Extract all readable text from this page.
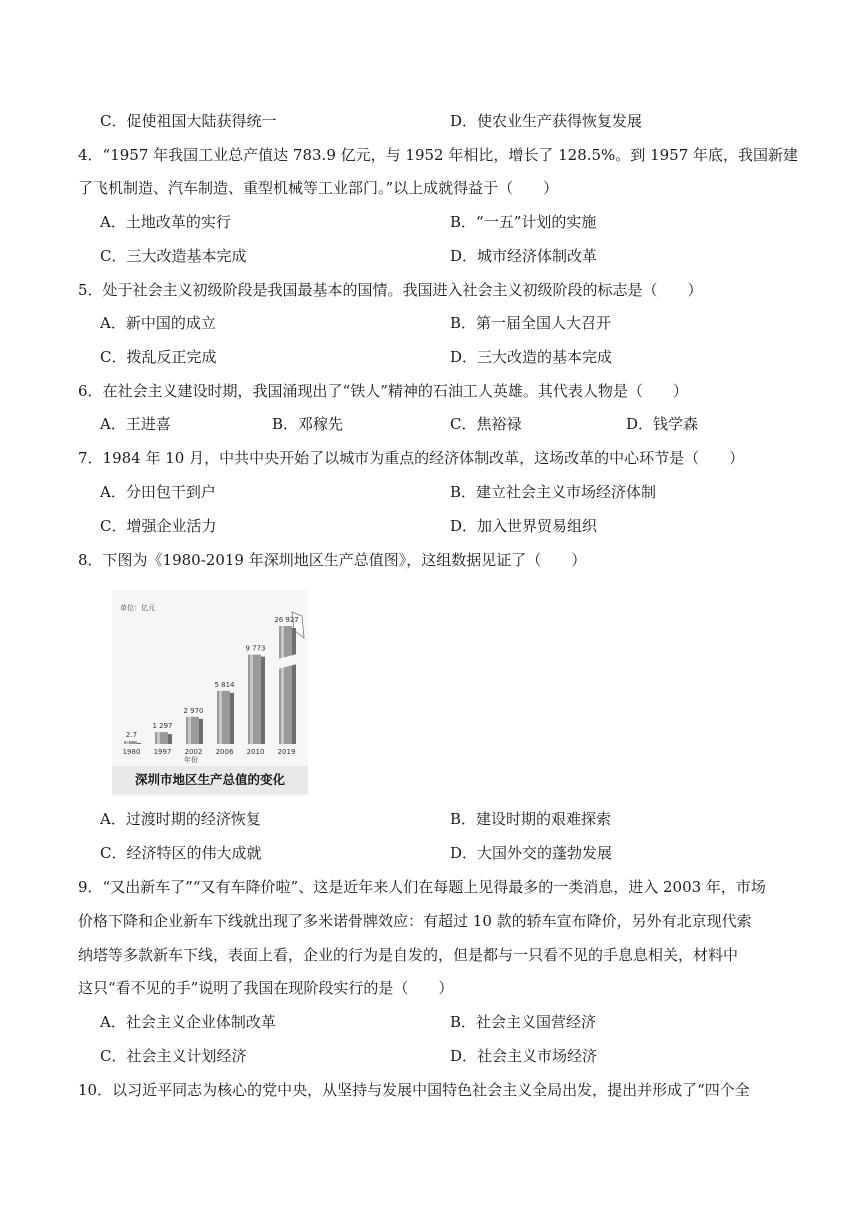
C．促使祖国大陆获得统一	D．使农业生产获得恢复发展
4．“1957 年我国工业总产值达 783.9 亿元，与 1952 年相比，增长了 128.5%。到 1957 年底，我国新建
了飞机制造、汽车制造、重型机械等工业部门。”以上成就得益于（　　）
A．土地改革的实行	B．“一五”计划的实施
C．三大改造基本完成	D．城市经济体制改革
5．处于社会主义初级阶段是我国最基本的国情。我国进入社会主义初级阶段的标志是（　　）
A．新中国的成立	B．第一届全国人大召开
C．拨乱反正完成	D．三大改造的基本完成
6．在社会主义建设时期，我国涌现出了“铁人”精神的石油工人英雄。其代表人物是（　　）
A．王进喜	B．邓稼先	C．焦裕禄	D．钱学森
7．1984 年 10 月，中共中央开始了以城市为重点的经济体制改革，这场改革的中心环节是（　　）
A．分田包干到户	B．建立社会主义市场经济体制
C．增强企业活力	D．加入世界贸易组织
8．下图为《1980-2019 年深圳地区生产总值图》，这组数据见证了（　　）
单位：亿元
年份
2.7
1980
1 297
1997
2 970
2002
5 814
2006
9 773
2010
26 927
2019
深圳市地区生产总值的变化
A．过渡时期的经济恢复	B．建设时期的艰难探索
C．经济特区的伟大成就	D．大国外交的蓬勃发展
9．“又出新车了”“又有车降价啦”、这是近年来人们在每题上见得最多的一类消息，进入 2003 年，市场
价格下降和企业新车下线就出现了多米诺骨牌效应：有超过 10 款的轿车宣布降价，另外有北京现代索
纳塔等多款新车下线，表面上看，企业的行为是自发的，但是都与一只看不见的手息息相关，材料中
这只“看不见的手”说明了我国在现阶段实行的是（　　）
A．社会主义企业体制改革	B．社会主义国营经济
C．社会主义计划经济	D．社会主义市场经济
10．以习近平同志为核心的党中央，从坚持与发展中国特色社会主义全局出发，提出并形成了“四个全
